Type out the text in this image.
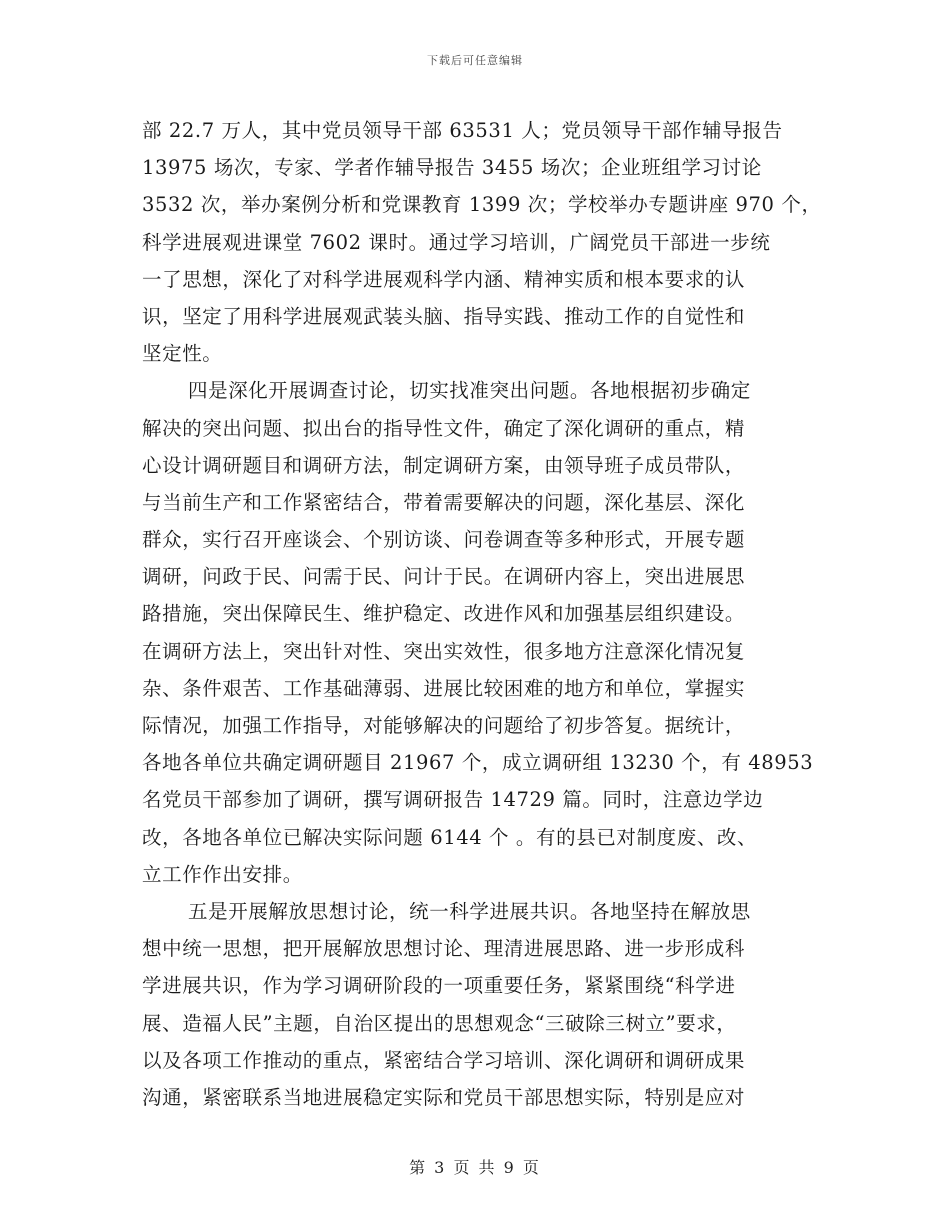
下载后可任意编辑
部 22.7 万人，其中党员领导干部 63531 人；党员领导干部作辅导报告
13975 场次，专家、学者作辅导报告 3455 场次；企业班组学习讨论
3532 次，举办案例分析和党课教育 1399 次；学校举办专题讲座 970 个，
科学进展观进课堂 7602 课时。通过学习培训，广阔党员干部进一步统
一了思想，深化了对科学进展观科学内涵、精神实质和根本要求的认
识，坚定了用科学进展观武装头脑、指导实践、推动工作的自觉性和
坚定性。
四是深化开展调查讨论，切实找准突出问题。各地根据初步确定
解决的突出问题、拟出台的指导性文件，确定了深化调研的重点，精
心设计调研题目和调研方法，制定调研方案，由领导班子成员带队，
与当前生产和工作紧密结合，带着需要解决的问题，深化基层、深化
群众，实行召开座谈会、个别访谈、问卷调查等多种形式，开展专题
调研，问政于民、问需于民、问计于民。在调研内容上，突出进展思
路措施，突出保障民生、维护稳定、改进作风和加强基层组织建设。
在调研方法上，突出针对性、突出实效性，很多地方注意深化情况复
杂、条件艰苦、工作基础薄弱、进展比较困难的地方和单位，掌握实
际情况，加强工作指导，对能够解决的问题给了初步答复。据统计，
各地各单位共确定调研题目 21967 个，成立调研组 13230 个，有 48953
名党员干部参加了调研，撰写调研报告 14729 篇。同时，注意边学边
改，各地各单位已解决实际问题 6144 个 。有的县已对制度废、改、
立工作作出安排。
五是开展解放思想讨论，统一科学进展共识。各地坚持在解放思
想中统一思想，把开展解放思想讨论、理清进展思路、进一步形成科
学进展共识，作为学习调研阶段的一项重要任务，紧紧围绕“科学进
展、造福人民”主题，自治区提出的思想观念“三破除三树立”要求，
以及各项工作推动的重点，紧密结合学习培训、深化调研和调研成果
沟通，紧密联系当地进展稳定实际和党员干部思想实际，特别是应对
第 3 页 共 9 页
